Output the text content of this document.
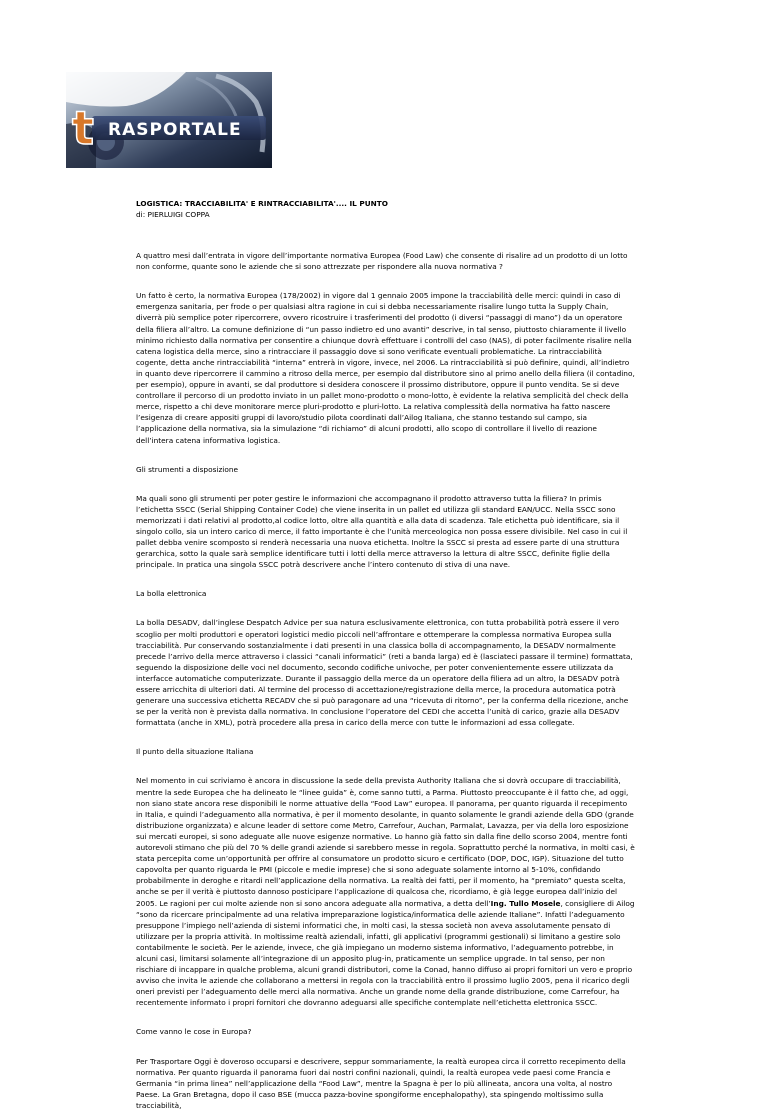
t RASPORTALE

LOGISTICA: TRACCIABILITA' E RINTRACCIABILITA'.... IL PUNTO

di: PIERLUIGI COPPA

A quattro mesi dall’entrata in vigore dell’importante normativa Europea (Food Law) che consente di risalire ad un prodotto di un lotto non conforme, quante sono le aziende che si sono attrezzate per rispondere alla nuova normativa ?

Un fatto è certo, la normativa Europea (178/2002) in vigore dal 1 gennaio 2005 impone la tracciabilità delle merci: quindi in caso di emergenza sanitaria, per frode o per qualsiasi altra ragione in cui si debba necessariamente risalire lungo tutta la Supply Chain, diverrà più semplice poter ripercorrere, ovvero ricostruire i trasferimenti del prodotto (i diversi “passaggi di mano”) da un operatore della filiera all’altro. La comune definizione di “un passo indietro ed uno avanti” descrive, in tal senso, piuttosto chiaramente il livello minimo richiesto dalla normativa per consentire a chiunque dovrà effettuare i controlli del caso (NAS), di poter facilmente risalire nella catena logistica della merce, sino a rintracciare il passaggio dove si sono verificate eventuali problematiche. La rintracciabilità cogente, detta anche rintracciabilità “interna” entrerà in vigore, invece, nel 2006. La rintracciabilità si può definire, quindi, all’indietro in quanto deve ripercorrere il cammino a ritroso della merce, per esempio dal distributore sino al primo anello della filiera (il contadino, per esempio), oppure in avanti, se dal produttore si desidera conoscere il prossimo distributore, oppure il punto vendita. Se si deve controllare il percorso di un prodotto inviato in un pallet mono-prodotto o mono-lotto, è evidente la relativa semplicità del check della merce, rispetto a chi deve monitorare merce pluri-prodotto e pluri-lotto. La relativa complessità della normativa ha fatto nascere l’esigenza di creare appositi gruppi di lavoro/studio pilota coordinati dall’Ailog Italiana, che stanno testando sul campo, sia l’applicazione della normativa, sia la simulazione “di richiamo” di alcuni prodotti, allo scopo di controllare il livello di reazione dell’intera catena informativa logistica.

Gli strumenti a disposizione

Ma quali sono gli strumenti per poter gestire le informazioni che accompagnano il prodotto attraverso tutta la filiera? In primis l’etichetta SSCC (Serial Shipping Container Code) che viene inserita in un pallet ed utilizza gli standard EAN/UCC. Nella SSCC sono memorizzati i dati relativi al prodotto,al codice lotto, oltre alla quantità e alla data di scadenza. Tale etichetta può identificare, sia il singolo collo, sia un intero carico di merce, il fatto importante è che l’unità merceologica non possa essere divisibile. Nel caso in cui il pallet debba venire scomposto si renderà necessaria una nuova etichetta. Inoltre la SSCC si presta ad essere parte di una struttura gerarchica, sotto la quale sarà semplice identificare tutti i lotti della merce attraverso la lettura di altre SSCC, definite figlie della principale. In pratica una singola SSCC potrà descrivere anche l’intero contenuto di stiva di una nave.

La bolla elettronica

La bolla DESADV, dall’inglese Despatch Advice per sua natura esclusivamente elettronica, con tutta probabilità potrà essere il vero scoglio per molti produttori e operatori logistici medio piccoli nell’affrontare e ottemperare la complessa normativa Europea sulla tracciabilità. Pur conservando sostanzialmente i dati presenti in una classica bolla di accompagnamento, la DESADV normalmente precede l’arrivo della merce attraverso i classici “canali informatici” (reti a banda larga) ed è (lasciateci passare il termine) formattata, seguendo la disposizione delle voci nel documento, secondo codifiche univoche, per poter convenientemente essere utilizzata da interfacce automatiche computerizzate. Durante il passaggio della merce da un operatore della filiera ad un altro, la DESADV potrà essere arricchita di ulteriori dati. Al termine del processo di accettazione/registrazione della merce, la procedura automatica potrà generare una successiva etichetta RECADV che si può paragonare ad una “ricevuta di ritorno”, per la conferma della ricezione, anche se per la verità non è prevista dalla normativa. In conclusione l’operatore del CEDI che accetta l’unità di carico, grazie alla DESADV formattata (anche in XML), potrà procedere alla presa in carico della merce con tutte le informazioni ad essa collegate.

Il punto della situazione Italiana

Nel momento in cui scriviamo è ancora in discussione la sede della prevista Authority Italiana che si dovrà occupare di tracciabilità, mentre la sede Europea che ha delineato le “linee guida” è, come sanno tutti, a Parma. Piuttosto preoccupante è il fatto che, ad oggi, non siano state ancora rese disponibili le norme attuative della “Food Law” europea. Il panorama, per quanto riguarda il recepimento in Italia, e quindi l’adeguamento alla normativa, è per il momento desolante, in quanto solamente le grandi aziende della GDO (grande distribuzione organizzata) e alcune leader di settore come Metro, Carrefour, Auchan, Parmalat, Lavazza, per via della loro esposizione sui mercati europei, si sono adeguate alle nuove esigenze normative. Lo hanno già fatto sin dalla fine dello scorso 2004, mentre fonti autorevoli stimano che più del 70 % delle grandi aziende si sarebbero messe in regola. Soprattutto perché la normativa, in molti casi, è stata percepita come un’opportunità per offrire al consumatore un prodotto sicuro e certificato (DOP, DOC, IGP). Situazione del tutto capovolta per quanto riguarda le PMI (piccole e medie imprese) che si sono adeguate solamente intorno al 5-10%, confidando probabilmente in deroghe e ritardi nell’applicazione della normativa. La realtà dei fatti, per il momento, ha “premiato” questa scelta, anche se per il verità è piuttosto dannoso posticipare l’applicazione di qualcosa che, ricordiamo, è già legge europea dall’inizio del 2005. Le ragioni per cui molte aziende non si sono ancora adeguate alla normativa, a detta dell’Ing. Tullo Mosele, consigliere di Ailog “sono da ricercare principalmente ad una relativa impreparazione logistica/informatica delle aziende Italiane”. Infatti l’adeguamento presuppone l’impiego nell’azienda di sistemi informatici che, in molti casi, la stessa società non aveva assolutamente pensato di utilizzare per la propria attività. In moltissime realtà aziendali, infatti, gli applicativi (programmi gestionali) si limitano a gestire solo contabilmente le società. Per le aziende, invece, che già impiegano un moderno sistema informativo, l’adeguamento potrebbe, in alcuni casi, limitarsi solamente all’integrazione di un apposito plug-in, praticamente un semplice upgrade. In tal senso, per non rischiare di incappare in qualche problema, alcuni grandi distributori, come la Conad, hanno diffuso ai propri fornitori un vero e proprio avviso che invita le aziende che collaborano a mettersi in regola con la tracciabilità entro il prossimo luglio 2005, pena il ricarico degli oneri previsti per l’adeguamento delle merci alla normativa. Anche un grande nome della grande distribuzione, come Carrefour, ha recentemente informato i propri fornitori che dovranno adeguarsi alle specifiche contemplate nell’etichetta elettronica SSCC.

Come vanno le cose in Europa?

Per Trasportare Oggi è doveroso occuparsi e descrivere, seppur sommariamente, la realtà europea circa il corretto recepimento della normativa. Per quanto riguarda il panorama fuori dai nostri confini nazionali, quindi, la realtà europea vede paesi come Francia e Germania “in prima linea” nell’applicazione della “Food Law”, mentre la Spagna è per lo più allineata, ancora una volta, al nostro Paese. La Gran Bretagna, dopo il caso BSE (mucca pazza-bovine spongiforme encephalopathy), sta spingendo moltissimo sulla tracciabilità,
